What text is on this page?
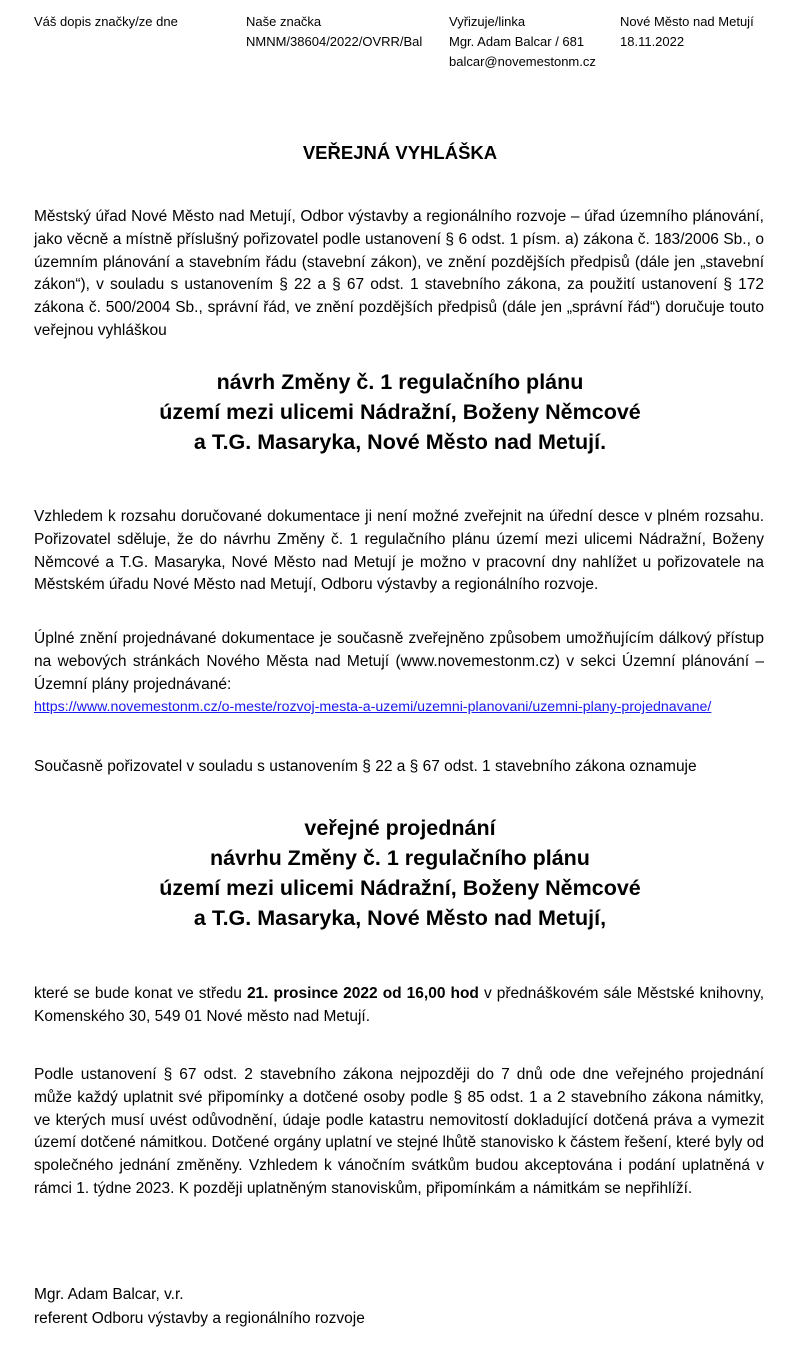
Váš dopis značky/ze dne	Naše značka
NMNM/38604/2022/OVRR/Bal
Vyřizuje/linka
Mgr. Adam Balcar / 681
balcar@novemestonm.cz
Nové Město nad Metují
18.11.2022
VEŘEJNÁ VYHLÁŠKA

Městský úřad Nové Město nad Metují, Odbor výstavby a regionálního rozvoje – úřad územního plánování, jako věcně a místně příslušný pořizovatel podle ustanovení § 6 odst. 1 písm. a) zákona č. 183/2006 Sb., o územním plánování a stavebním řádu (stavební zákon), ve znění pozdějších předpisů (dále jen „stavební zákon“), v souladu s ustanovením § 22 a § 67 odst. 1 stavebního zákona, za použití ustanovení § 172 zákona č. 500/2004 Sb., správní řád, ve znění pozdějších předpisů (dále jen „správní řád“) doručuje touto veřejnou vyhláškou

návrh Změny č. 1 regulačního plánu
území mezi ulicemi Nádražní, Boženy Němcové
a T.G. Masaryka, Nové Město nad Metují.

Vzhledem k rozsahu doručované dokumentace ji není možné zveřejnit na úřední desce v plném rozsahu. Pořizovatel sděluje, že do návrhu Změny č. 1 regulačního plánu území mezi ulicemi Nádražní, Boženy Němcové a T.G. Masaryka, Nové Město nad Metují je možno v pracovní dny nahlížet u pořizovatele na Městském úřadu Nové Město nad Metují, Odboru výstavby a regionálního rozvoje.

Úplné znění projednávané dokumentace je současně zveřejněno způsobem umožňujícím dálkový přístup na webových stránkách Nového Města nad Metují (www.novemestonm.cz) v sekci Územní plánování – Územní plány projednávané:
https://www.novemestonm.cz/o-meste/rozvoj-mesta-a-uzemi/uzemni-planovani/uzemni-plany-projednavane/

Současně pořizovatel v souladu s ustanovením § 22 a § 67 odst. 1 stavebního zákona oznamuje

veřejné projednání
návrhu Změny č. 1 regulačního plánu
území mezi ulicemi Nádražní, Boženy Němcové
a T.G. Masaryka, Nové Město nad Metují,

které se bude konat ve středu 21. prosince 2022 od 16,00 hod v přednáškovém sále Městské knihovny, Komenského 30, 549 01 Nové město nad Metují.

Podle ustanovení § 67 odst. 2 stavebního zákona nejpozději do 7 dnů ode dne veřejného projednání může každý uplatnit své připomínky a dotčené osoby podle § 85 odst. 1 a 2 stavebního zákona námitky, ve kterých musí uvést odůvodnění, údaje podle katastru nemovitostí dokladující dotčená práva a vymezit území dotčené námitkou. Dotčené orgány uplatní ve stejné lhůtě stanovisko k částem řešení, které byly od společného jednání změněny. Vzhledem k vánočním svátkům budou akceptována i podání uplatněná v rámci 1. týdne 2023. K později uplatněným stanoviskům, připomínkám a námitkám se nepřihlíží.

Mgr. Adam Balcar, v.r.
referent Odboru výstavby a regionálního rozvoje
